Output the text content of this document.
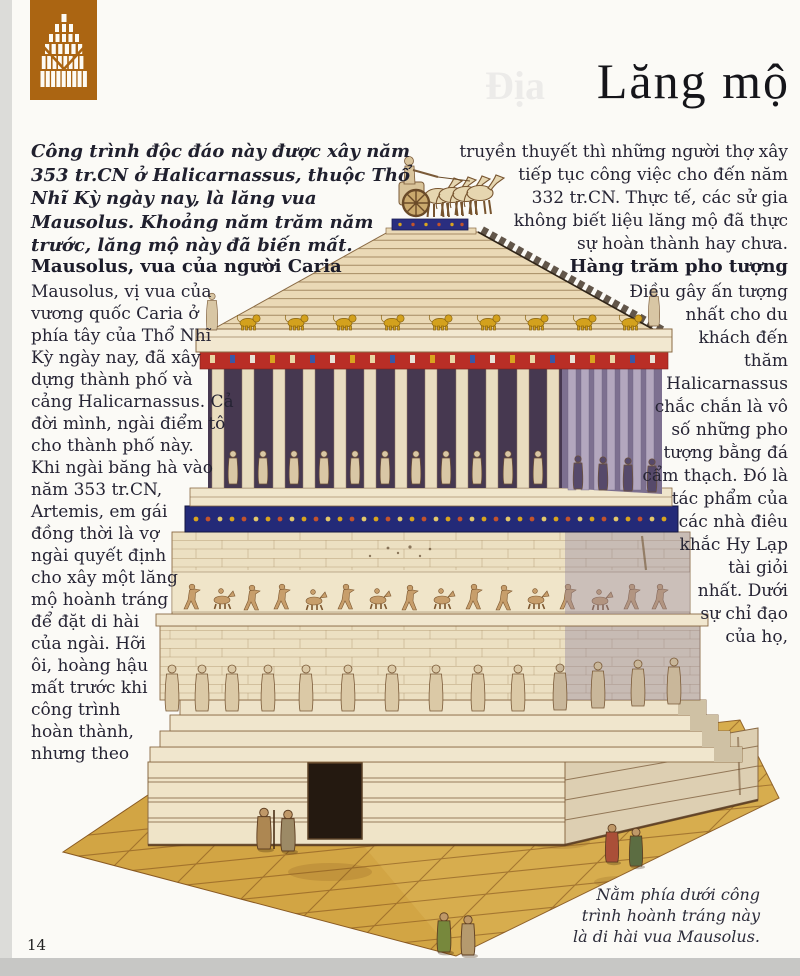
Địa Lăng mộ
Công trình độc đáo này được xây năm
353 tr.CN ở Halicarnassus, thuộc Thổ
Nhĩ Kỳ ngày nay, là lăng vua
Mausolus. Khoảng năm trăm năm
trước, lăng mộ này đã biến mất.
Mausolus, vua của người Caria
Mausolus, vị vua của
vương quốc Caria ở
phía tây của Thổ Nhĩ
Kỳ ngày nay, đã xây
dựng thành phố và
cảng Halicarnassus. Cả
đời mình, ngài điểm tô
cho thành phố này.
Khi ngài băng hà vào
năm 353 tr.CN,
Artemis, em gái
đồng thời là vợ
ngài quyết định
cho xây một lăng
mộ hoành tráng
để đặt di hài
của ngài. Hỡi
ôi, hoàng hậu
mất trước khi
công trình
hoàn thành,
nhưng theo
truyền thuyết thì những người thợ xây
tiếp tục công việc cho đến năm
332 tr.CN. Thực tế, các sử gia
không biết liệu lăng mộ đã thực
sự hoàn thành hay chưa.
Hàng trăm pho tượng
Điều gây ấn tượng
nhất cho du
khách đến
thăm
Halicarnassus
chắc chắn là vô
số những pho
tượng bằng đá
cẩm thạch. Đó là
tác phẩm của
các nhà điêu
khắc Hy Lạp
tài giỏi
nhất. Dưới
sự chỉ đạo
của họ,
Nằm phía dưới công
trình hoành tráng này
là di hài vua Mausolus.
14
